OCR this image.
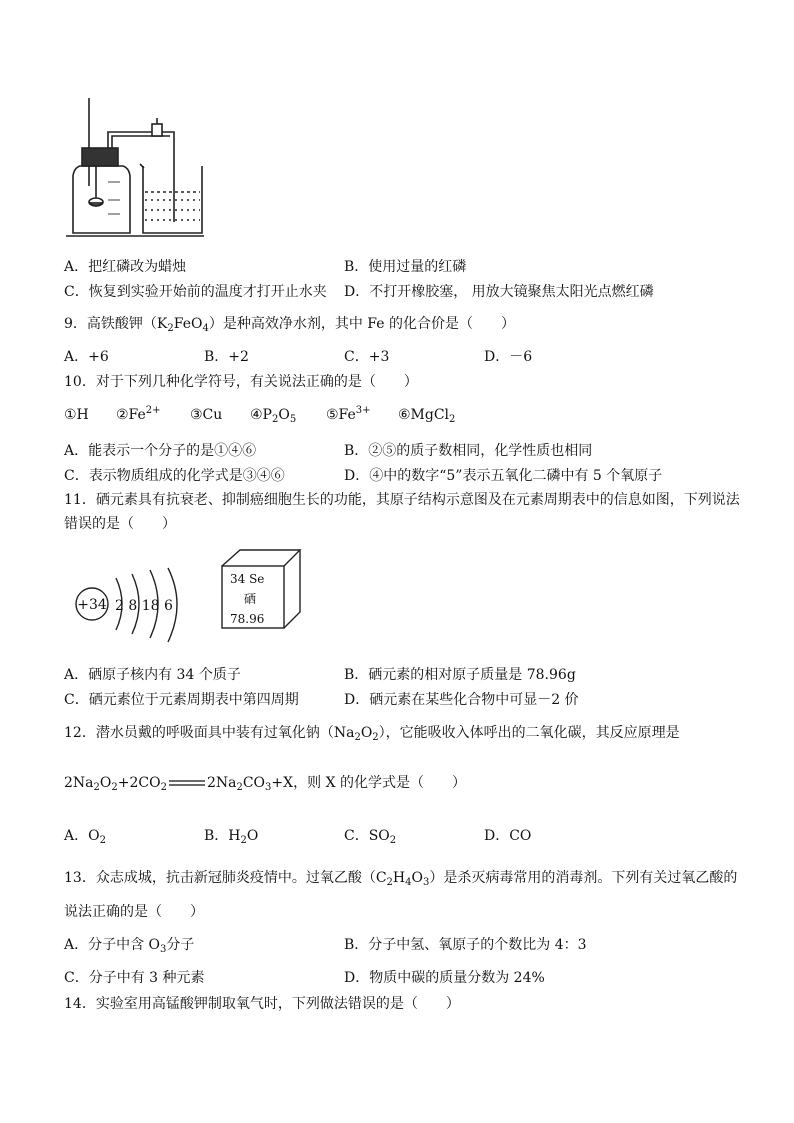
A．把红磷改为蜡烛	B．使用过量的红磷
C．恢复到实验开始前的温度才打开止水夹 D．不打开橡胶塞， 用放大镜聚焦太阳光点燃红磷
9．高铁酸钾$(K_2FeO_4)$是种高效净水剂，其中 Fe 的化合价是（　　）
A．+6	B．+2	C．+3	D．－6
10．对于下列几种化学符号，有关说法正确的是（　　）
①H $②Fe^{2+}$ ③Cu $④P_2O_5$ $⑤Fe^{3+}$ ⑥MgCl$_2$
A．能表示一个分子的是①④⑥	B．②⑤的质子数相同，化学性质也相同
C．表示物质组成的化学式是③④⑥	D．④中的数字“5”表示五氧化二磷中有 5 个氧原子
11．硒元素具有抗衰老、抑制癌细胞生长的功能，其原子结构示意图及在元素周期表中的信息如图，下列说法
错误的是（　　）
+34 2 8 18 6
34 Se
硒
78.96
A．硒原子核内有 34 个质子	B．硒元素的相对原子质量是 78.96g
C．硒元素位于元素周期表中第四周期	D．硒元素在某些化合物中可显－2 价
12．潜水员戴的呼吸面具中装有过氧化钠$(Na_2O_2)$，它能吸收入体呼出的二氧化碳，其反应原理是
$2Na_2O_2+2CO_2$	$2Na_2CO_3+X$，则 X 的化学式是（　　）
A．$O_2$	B．$H_2O$	C．$SO_2$	D．CO
13．众志成城，抗击新冠肺炎疫情中。过氧乙酸$(C_2H_4O_3)$是杀灭病毒常用的消毒剂。下列有关过氧乙酸的
说法正确的是（　　）
A．分子中含 $O_3$分子	B．分子中氢、氧原子的个数比为 4：3
C．分子中有 3 种元素	D．物质中碳的质量分数为 24%
14．实验室用高锰酸钾制取氧气时，下列做法错误的是（　　）
